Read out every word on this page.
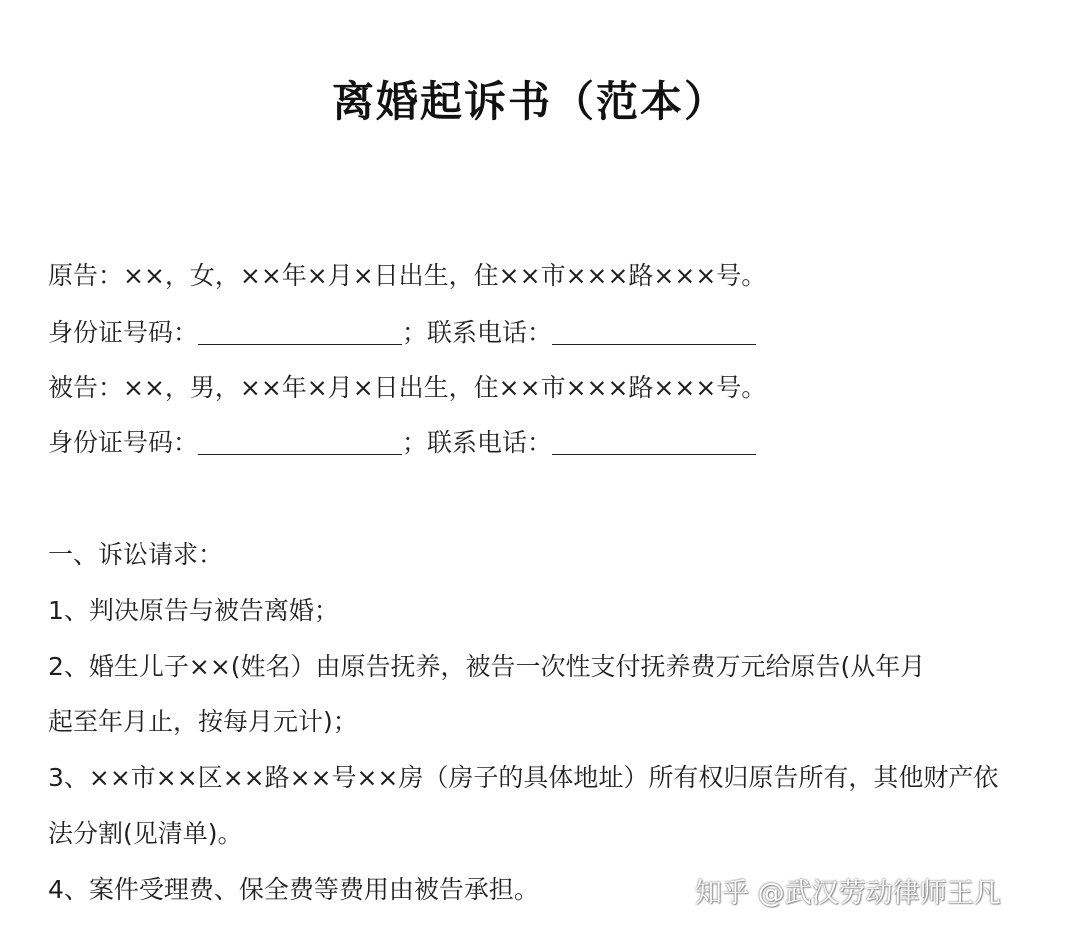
离婚起诉书（范本）
原告：××，女，××年×月×日出生，住××市×××路×××号。
身份证号码：	；联系电话：
被告：××，男，××年×月×日出生，住××市×××路×××号。
身份证号码：	；联系电话：
一、诉讼请求：
1、判决原告与被告离婚；
2、婚生儿子××(姓名）由原告抚养，被告一次性支付抚养费万元给原告(从年月
起至年月止，按每月元计)；
3、××市××区××路××号××房（房子的具体地址）所有权归原告所有，其他财产依
法分割(见清单)。
4、案件受理费、保全费等费用由被告承担。	知乎 @武汉劳动律师王凡
